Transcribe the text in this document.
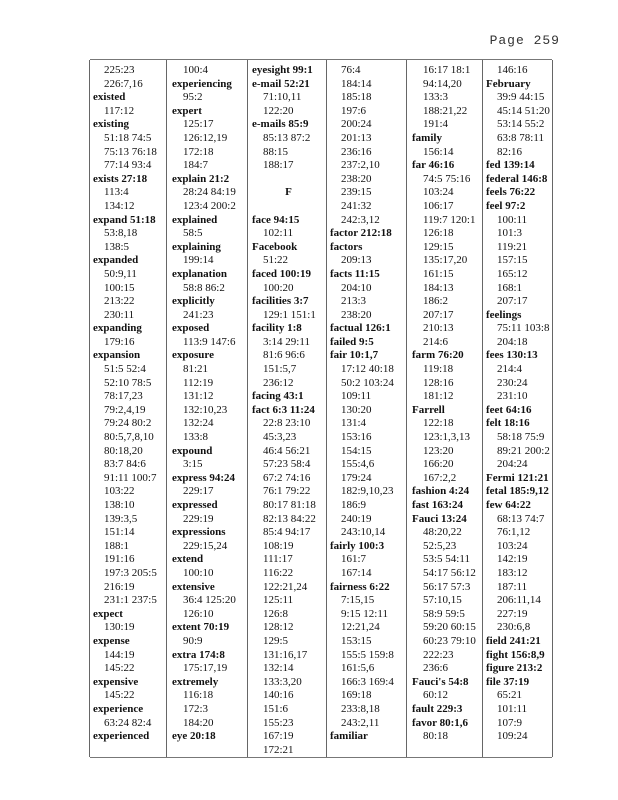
Page 259
225:23
226:7,16
existed
117:12
existing
51:18 74:5
75:13 76:18
77:14 93:4
exists 27:18
113:4
134:12
expand 51:18
53:8,18
138:5
expanded
50:9,11
100:15
213:22
230:11
expanding
179:16
expansion
51:5 52:4
52:10 78:5
78:17,23
79:2,4,19
79:24 80:2
80:5,7,8,10
80:18,20
83:7 84:6
91:11 100:7
103:22
138:10
139:3,5
151:14
188:1
191:16
197:3 205:5
216:19
231:1 237:5
expect
130:19
expense
144:19
145:22
expensive
145:22
experience
63:24 82:4
experienced
100:4
experiencing
95:2
expert
125:17
126:12,19
172:18
184:7
explain 21:2
28:24 84:19
123:4 200:2
explained
58:5
explaining
199:14
explanation
58:8 86:2
explicitly
241:23
exposed
113:9 147:6
exposure
81:21
112:19
131:12
132:10,23
132:24
133:8
expound
3:15
express 94:24
229:17
expressed
229:19
expressions
229:15,24
extend
100:10
extensive
36:4 125:20
126:10
extent 70:19
90:9
extra 174:8
175:17,19
extremely
116:18
172:3
184:20
eye 20:18
eyesight 99:1
e-mail 52:21
71:10,11
122:20
e-mails 85:9
85:13 87:2
88:15
188:17
F
face 94:15
102:11
Facebook
51:22
faced 100:19
100:20
facilities 3:7
129:1 151:1
facility 1:8
3:14 29:11
81:6 96:6
151:5,7
236:12
facing 43:1
fact 6:3 11:24
22:8 23:10
45:3,23
46:4 56:21
57:23 58:4
67:2 74:16
76:1 79:22
80:17 81:18
82:13 84:22
85:4 94:17
108:19
111:17
116:22
122:21,24
125:11
126:8
128:12
129:5
131:16,17
132:14
133:3,20
140:16
151:6
155:23
167:19
172:21
76:4
184:14
185:18
197:6
200:24
201:13
236:16
237:2,10
238:20
239:15
241:32
242:3,12
factor 212:18
factors
209:13
facts 11:15
204:10
213:3
238:20
factual 126:1
failed 9:5
fair 10:1,7
17:12 40:18
50:2 103:24
109:11
130:20
131:4
153:16
154:15
155:4,6
179:24
182:9,10,23
186:9
240:19
243:10,14
fairly 100:3
161:7
167:14
fairness 6:22
7:15,15
9:15 12:11
12:21,24
153:15
155:5 159:8
161:5,6
166:3 169:4
169:18
233:8,18
243:2,11
familiar
16:17 18:1
94:14,20
133:3
188:21,22
191:4
family
156:14
far 46:16
74:5 75:16
103:24
106:17
119:7 120:1
126:18
129:15
135:17,20
161:15
184:13
186:2
207:17
210:13
214:6
farm 76:20
119:18
128:16
181:12
Farrell
122:18
123:1,3,13
123:20
166:20
167:2,2
fashion 4:24
fast 163:24
Fauci 13:24
48:20,22
52:5,23
53:5 54:11
54:17 56:12
56:17 57:3
57:10,15
58:9 59:5
59:20 60:15
60:23 79:10
222:23
236:6
Fauci's 54:8
60:12
fault 229:3
favor 80:1,6
80:18
146:16
February
39:9 44:15
45:14 51:20
53:14 55:2
63:8 78:11
82:16
fed 139:14
federal 146:8
feels 76:22
feel 97:2
100:11
101:3
119:21
157:15
165:12
168:1
207:17
feelings
75:11 103:8
204:18
fees 130:13
214:4
230:24
231:10
feet 64:16
felt 18:16
58:18 75:9
89:21 200:2
204:24
Fermi 121:21
fetal 185:9,12
few 64:22
68:13 74:7
76:1,12
103:24
142:19
183:12
187:11
206:11,14
227:19
230:6,8
field 241:21
fight 156:8,9
figure 213:2
file 37:19
65:21
101:11
107:9
109:24
